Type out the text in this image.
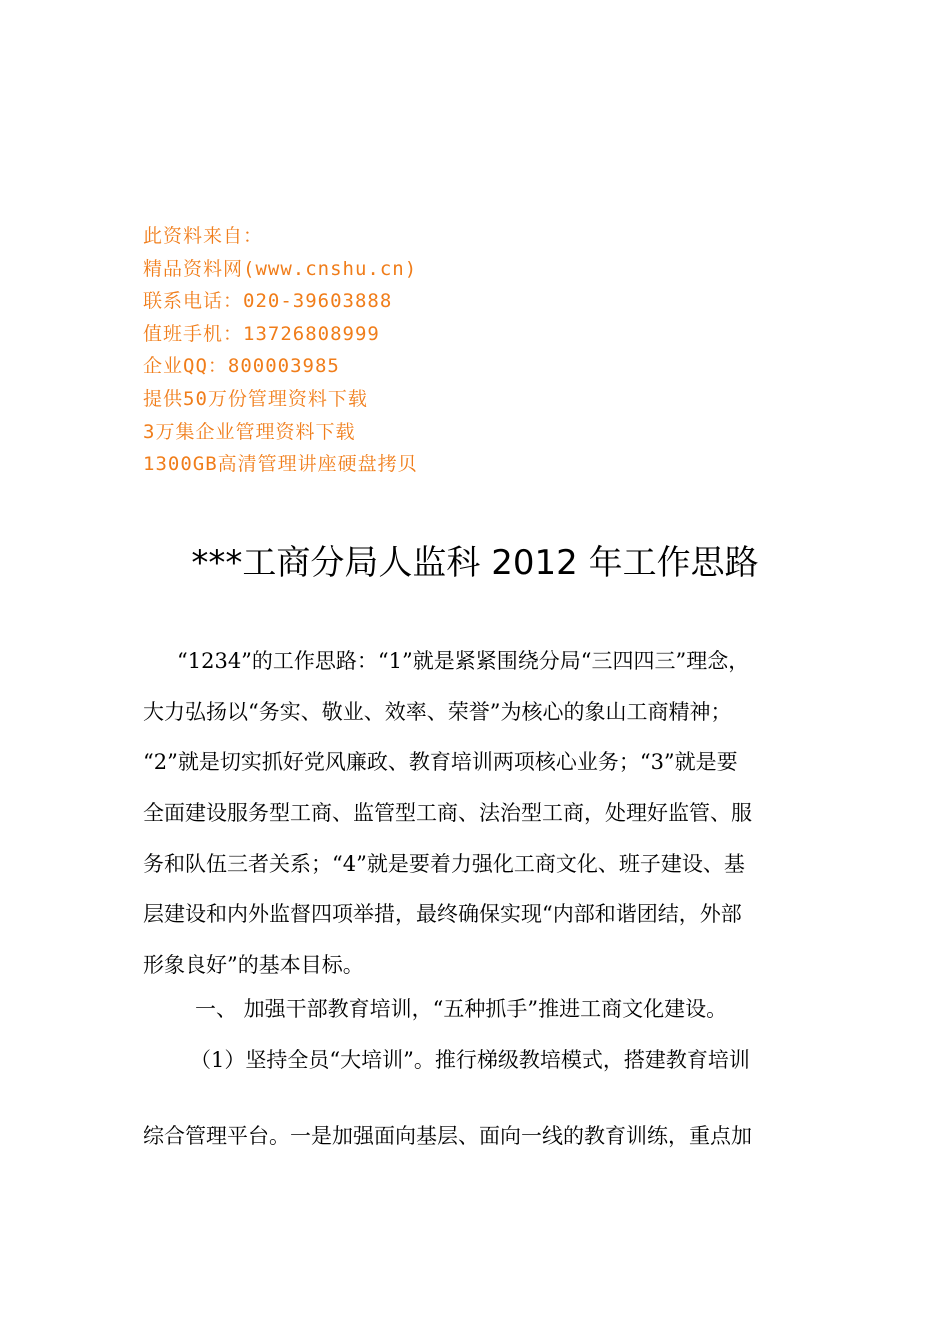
此资料来自：
精品资料网(www.cnshu.cn)
联系电话：020-39603888
值班手机：13726808999
企业QQ：800003985
提供50万份管理资料下载
3万集企业管理资料下载
1300GB高清管理讲座硬盘拷贝
***工商分局人监科 2012 年工作思路
“1234”的工作思路：“1”就是紧紧围绕分局“三四四三”理念，
大力弘扬以“务实、敬业、效率、荣誉”为核心的象山工商精神；
“2”就是切实抓好党风廉政、教育培训两项核心业务；“3”就是要
全面建设服务型工商、监管型工商、法治型工商，处理好监管、服
务和队伍三者关系；“4”就是要着力强化工商文化、班子建设、基
层建设和内外监督四项举措，最终确保实现“内部和谐团结，外部
形象良好”的基本目标。
一、 加强干部教育培训，“五种抓手”推进工商文化建设。
（1）坚持全员“大培训”。推行梯级教培模式，搭建教育培训
综合管理平台。一是加强面向基层、面向一线的教育训练，重点加
